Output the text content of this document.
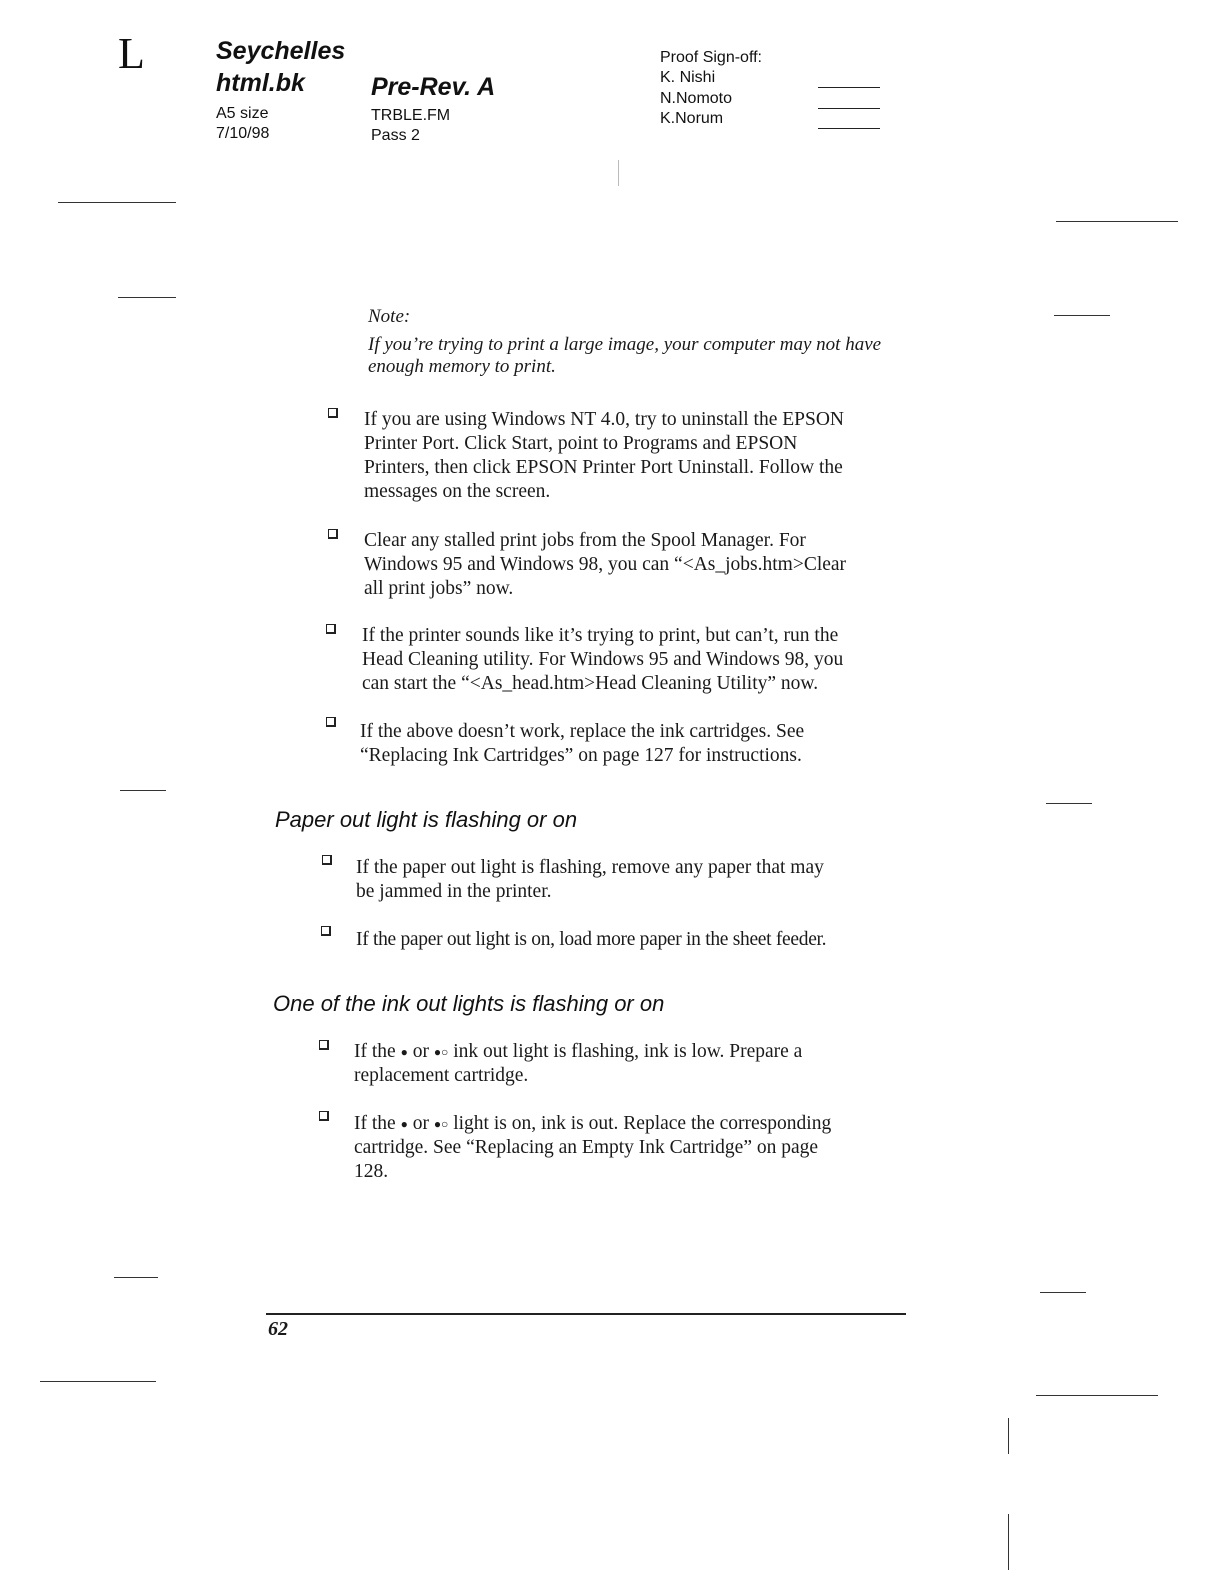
L	Seychelles
html.bk
A5 size
7/10/98
Pre-Rev. A
TRBLE.FM
Pass 2
Proof Sign-off:
K. Nishi
N.Nomoto
K.Norum
Note:
If you’re trying to print a large image, your computer may not have
enough memory to print.
If you are using Windows NT 4.0, try to uninstall the EPSON
Printer Port. Click Start, point to Programs and EPSON
Printers, then click EPSON Printer Port Uninstall. Follow the
messages on the screen.
Clear any stalled print jobs from the Spool Manager. For
Windows 95 and Windows 98, you can “<As_jobs.htm>Clear
all print jobs” now.
If the printer sounds like it’s trying to print, but can’t, run the
Head Cleaning utility. For Windows 95 and Windows 98, you
can start the “<As_head.htm>Head Cleaning Utility” now.
If the above doesn’t work, replace the ink cartridges. See
“Replacing Ink Cartridges” on page 127 for instructions.
Paper out light is flashing or on
If the paper out light is flashing, remove any paper that may
be jammed in the printer.
If the paper out light is on, load more paper in the sheet feeder.
One of the ink out lights is flashing or on
If the ● or ●○ ink out light is flashing, ink is low. Prepare a
replacement cartridge.
If the ● or ●○ light is on, ink is out. Replace the corresponding
cartridge. See “Replacing an Empty Ink Cartridge” on page
128.
62
